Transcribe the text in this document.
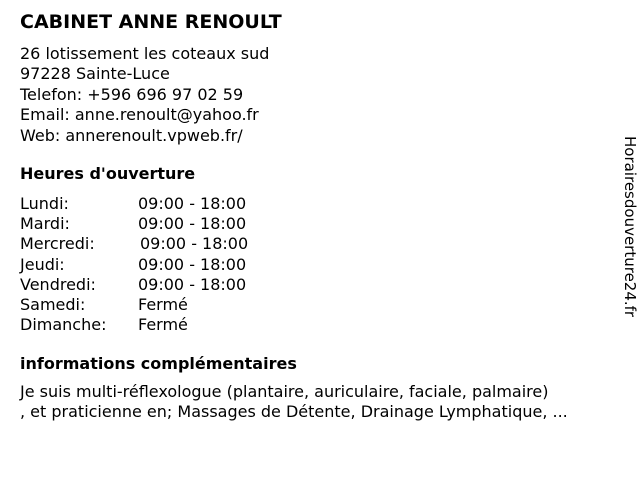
CABINET ANNE RENOULT
26 lotissement les coteaux sud
97228 Sainte-Luce
Telefon: +596 696 97 02 59
Email: anne.renoult@yahoo.fr
Web: annerenoult.vpweb.fr/
Heures d'ouverture
Lundi:	09:00 - 18:00
Mardi:	09:00 - 18:00
Mercredi:	09:00 - 18:00
Jeudi:	09:00 - 18:00
Vendredi:	09:00 - 18:00
Samedi:	Fermé
Dimanche: Fermé
informations complémentaires
Je suis multi-réflexologue (plantaire, auriculaire, faciale, palmaire)
, et praticienne en; Massages de Détente, Drainage Lymphatique, ...
Horairesdouverture24.fr
